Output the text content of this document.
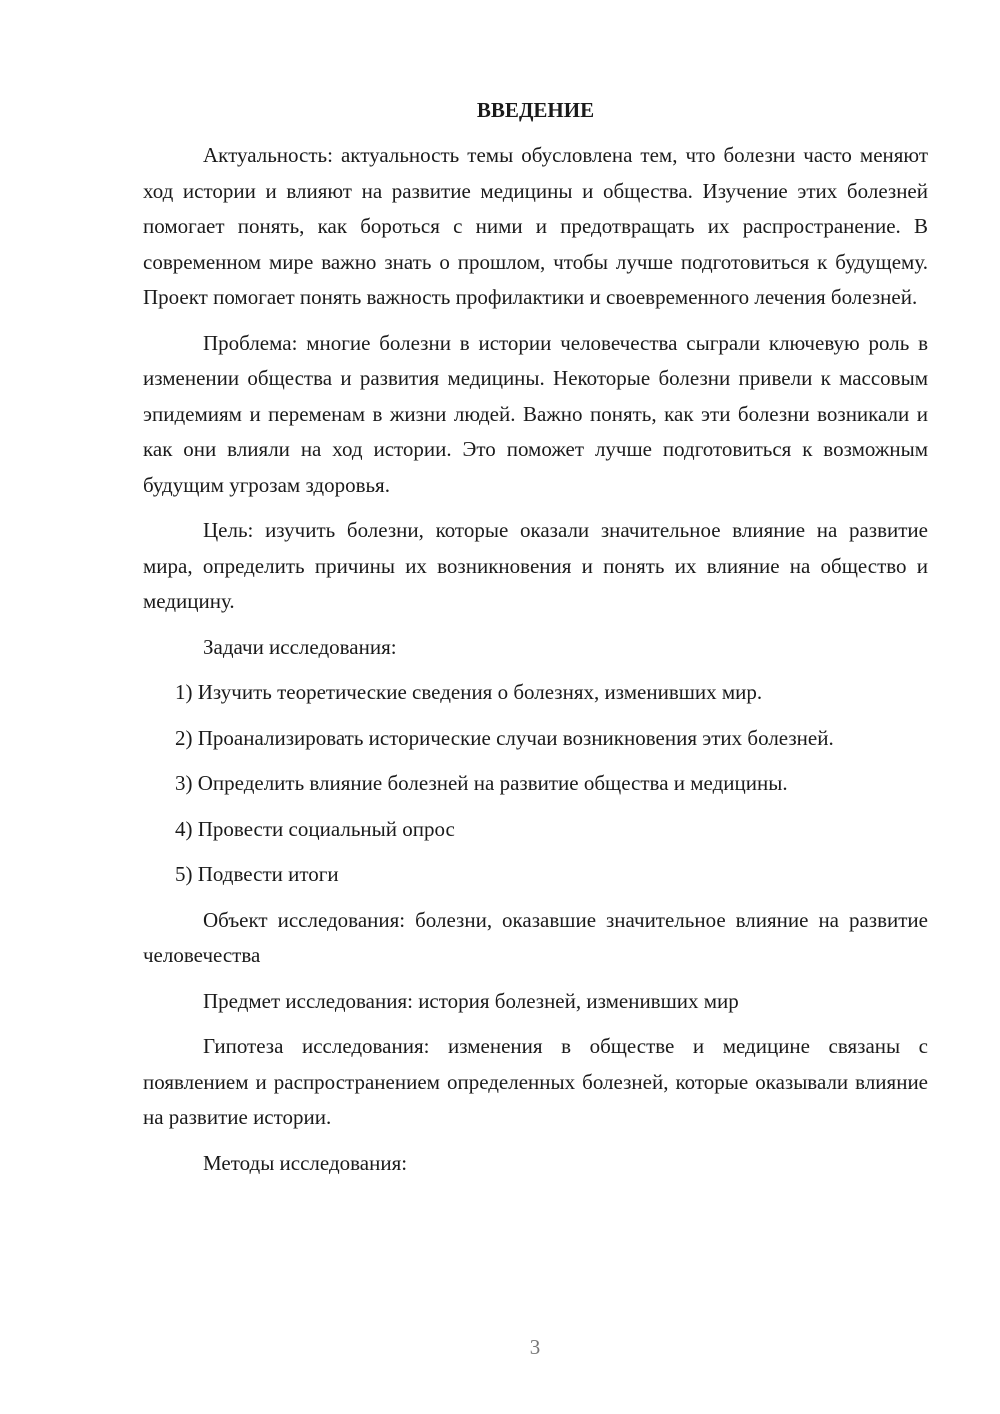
ВВЕДЕНИЕ

Актуальность: актуальность темы обусловлена тем, что болезни часто меняют ход истории и влияют на развитие медицины и общества. Изучение этих болезней помогает понять, как бороться с ними и предотвращать их распространение. В современном мире важно знать о прошлом, чтобы лучше подготовиться к будущему. Проект помогает понять важность профилактики и своевременного лечения болезней.

Проблема: многие болезни в истории человечества сыграли ключевую роль в изменении общества и развития медицины. Некоторые болезни привели к массовым эпидемиям и переменам в жизни людей. Важно понять, как эти болезни возникали и как они влияли на ход истории. Это поможет лучше подготовиться к возможным будущим угрозам здоровья.

Цель: изучить болезни, которые оказали значительное влияние на развитие мира, определить причины их возникновения и понять их влияние на общество и медицину.

Задачи исследования:

1) Изучить теоретические сведения о болезнях, изменивших мир.

2) Проанализировать исторические случаи возникновения этих болезней.

3) Определить влияние болезней на развитие общества и медицины.

4) Провести социальный опрос

5) Подвести итоги

Объект исследования: болезни, оказавшие значительное влияние на развитие человечества

Предмет исследования: история болезней, изменивших мир

Гипотеза исследования: изменения в обществе и медицине связаны с появлением и распространением определенных болезней, которые оказывали влияние на развитие истории.

Методы исследования:

3
